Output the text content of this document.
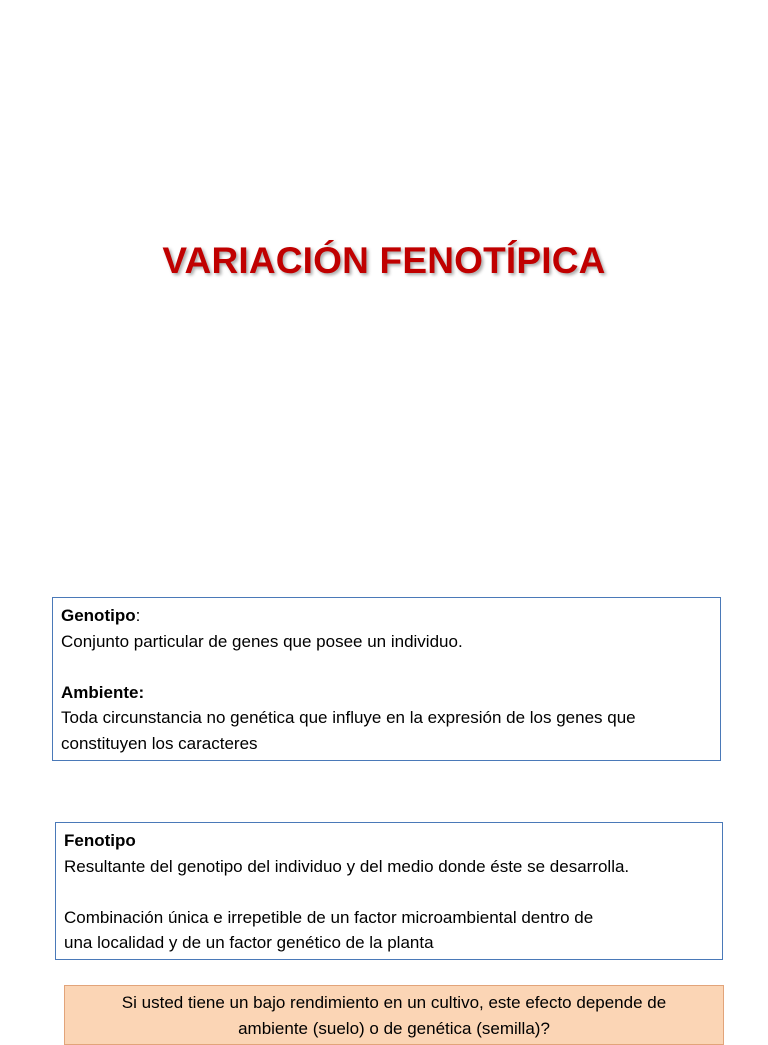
VARIACIÓN FENOTÍPICA
Genotipo:
Conjunto particular de genes que posee un individuo.
Ambiente:
Toda circunstancia no genética que influye en la expresión de los genes que
constituyen los caracteres
Fenotipo
Resultante del genotipo del individuo y del medio donde éste se desarrolla.
Combinación única e irrepetible de un factor microambiental dentro de
una localidad y de un factor genético de la planta
Si usted tiene un bajo rendimiento en un cultivo, este efecto depende de
ambiente (suelo) o de genética (semilla)?
